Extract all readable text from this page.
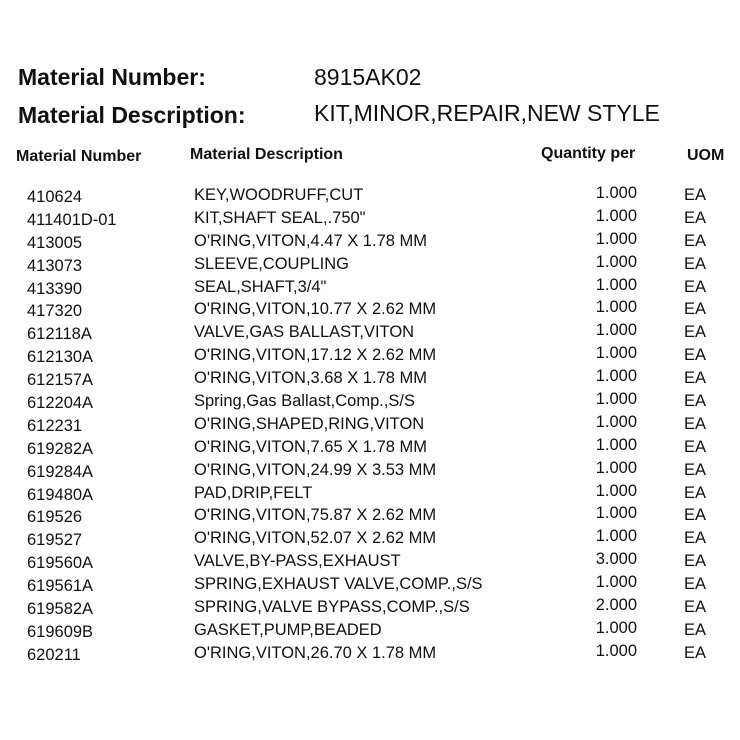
Material Number:	8915AK02
Material Description:	KIT,MINOR,REPAIR,NEW STYLE
Material Number	Material Description	Quantity per	UOM
410624	KEY,WOODRUFF,CUT	1.000	EA
411401D-01	KIT,SHAFT SEAL,.750"	1.000	EA
413005	O'RING,VITON,4.47 X 1.78 MM	1.000	EA
413073	SLEEVE,COUPLING	1.000	EA
413390	SEAL,SHAFT,3/4"	1.000	EA
417320	O'RING,VITON,10.77 X 2.62 MM	1.000	EA
612118A	VALVE,GAS BALLAST,VITON	1.000	EA
612130A	O'RING,VITON,17.12 X 2.62 MM	1.000	EA
612157A	O'RING,VITON,3.68 X 1.78 MM	1.000	EA
612204A	Spring,Gas Ballast,Comp.,S/S	1.000	EA
612231	O'RING,SHAPED,RING,VITON	1.000	EA
619282A	O'RING,VITON,7.65 X 1.78 MM	1.000	EA
619284A	O'RING,VITON,24.99 X 3.53 MM	1.000	EA
619480A	PAD,DRIP,FELT	1.000	EA
619526	O'RING,VITON,75.87 X 2.62 MM	1.000	EA
619527	O'RING,VITON,52.07 X 2.62 MM	1.000	EA
619560A	VALVE,BY-PASS,EXHAUST	3.000	EA
619561A	SPRING,EXHAUST VALVE,COMP.,S/S	1.000	EA
619582A	SPRING,VALVE BYPASS,COMP.,S/S	2.000	EA
619609B	GASKET,PUMP,BEADED	1.000	EA
620211	O'RING,VITON,26.70 X 1.78 MM	1.000	EA
